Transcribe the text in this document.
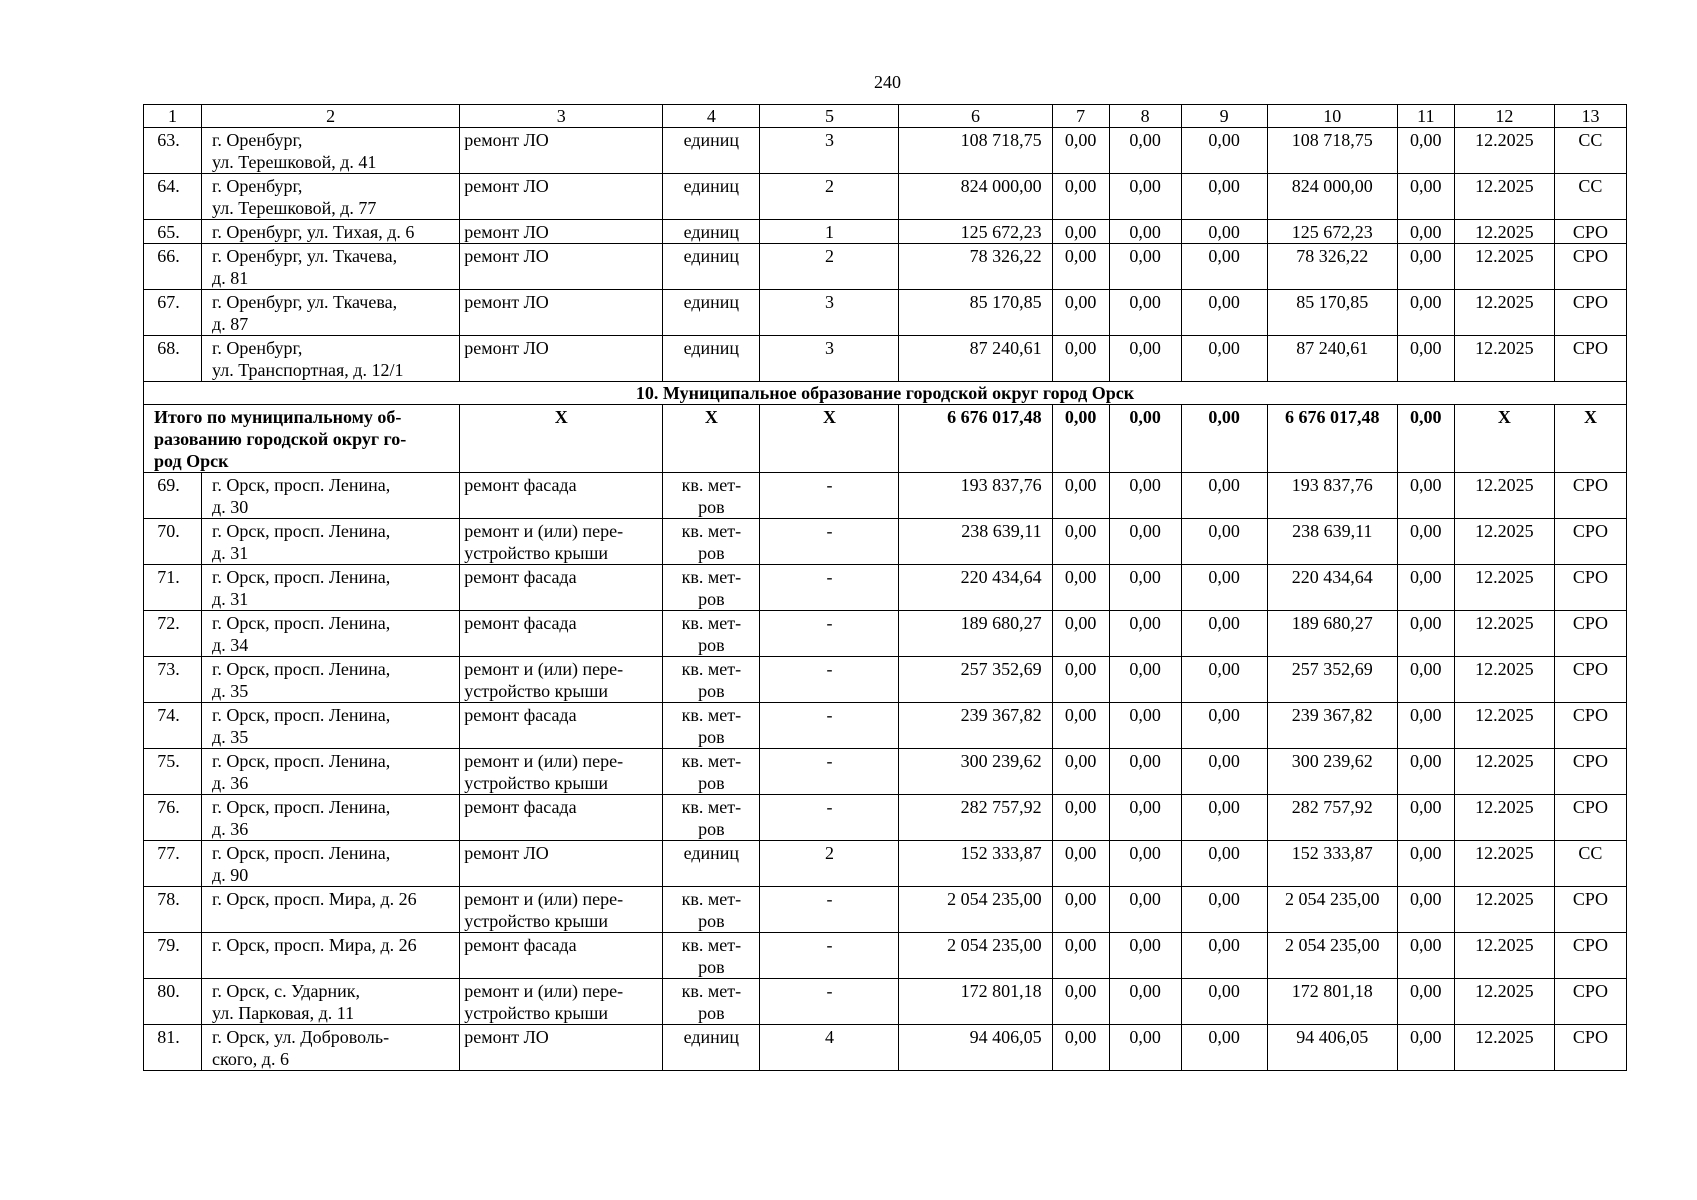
240
1	2	3	4	5	6	7	8	9	10	11	12	13
63.	г. Оренбург,
ул. Терешковой, д. 41	ремонт ЛО	единиц	3	108 718,75	0,00	0,00	0,00	108 718,75	0,00	12.2025	СС
64.	г. Оренбург,
ул. Терешковой, д. 77	ремонт ЛО	единиц	2	824 000,00	0,00	0,00	0,00	824 000,00	0,00	12.2025	СС
65.	г. Оренбург, ул. Тихая, д. 6	ремонт ЛО	единиц	1	125 672,23	0,00	0,00	0,00	125 672,23	0,00	12.2025	СРО
66.	г. Оренбург, ул. Ткачева,
д. 81	ремонт ЛО	единиц	2	78 326,22	0,00	0,00	0,00	78 326,22	0,00	12.2025	СРО
67.	г. Оренбург, ул. Ткачева,
д. 87	ремонт ЛО	единиц	3	85 170,85	0,00	0,00	0,00	85 170,85	0,00	12.2025	СРО
68.	г. Оренбург,
ул. Транспортная, д. 12/1	ремонт ЛО	единиц	3	87 240,61	0,00	0,00	0,00	87 240,61	0,00	12.2025	СРО
10. Муниципальное образование городской округ город Орск												

Итого по муниципальному об-
разованию городской округ го-
род Орск		Х	Х	Х	6 676 017,48	0,00	0,00	0,00	6 676 017,48	0,00	Х	Х
69.	г. Орск, просп. Ленина,
д. 30	ремонт фасада	кв. мет-
ров	-	193 837,76	0,00	0,00	0,00	193 837,76	0,00	12.2025	СРО
70.	г. Орск, просп. Ленина,
д. 31	ремонт и (или) пере-
устройство крыши	кв. мет-
ров	-	238 639,11	0,00	0,00	0,00	238 639,11	0,00	12.2025	СРО
71.	г. Орск, просп. Ленина,
д. 31	ремонт фасада	кв. мет-
ров	-	220 434,64	0,00	0,00	0,00	220 434,64	0,00	12.2025	СРО
72.	г. Орск, просп. Ленина,
д. 34	ремонт фасада	кв. мет-
ров	-	189 680,27	0,00	0,00	0,00	189 680,27	0,00	12.2025	СРО
73.	г. Орск, просп. Ленина,
д. 35	ремонт и (или) пере-
устройство крыши	кв. мет-
ров	-	257 352,69	0,00	0,00	0,00	257 352,69	0,00	12.2025	СРО
74.	г. Орск, просп. Ленина,
д. 35	ремонт фасада	кв. мет-
ров	-	239 367,82	0,00	0,00	0,00	239 367,82	0,00	12.2025	СРО
75.	г. Орск, просп. Ленина,
д. 36	ремонт и (или) пере-
устройство крыши	кв. мет-
ров	-	300 239,62	0,00	0,00	0,00	300 239,62	0,00	12.2025	СРО
76.	г. Орск, просп. Ленина,
д. 36	ремонт фасада	кв. мет-
ров	-	282 757,92	0,00	0,00	0,00	282 757,92	0,00	12.2025	СРО
77.	г. Орск, просп. Ленина,
д. 90	ремонт ЛО	единиц	2	152 333,87	0,00	0,00	0,00	152 333,87	0,00	12.2025	СС
78.	г. Орск, просп. Мира, д. 26	ремонт и (или) пере-
устройство крыши	кв. мет-
ров	-	2 054 235,00	0,00	0,00	0,00	2 054 235,00	0,00	12.2025	СРО
79.	г. Орск, просп. Мира, д. 26	ремонт фасада	кв. мет-
ров	-	2 054 235,00	0,00	0,00	0,00	2 054 235,00	0,00	12.2025	СРО
80.	г. Орск, с. Ударник,
ул. Парковая, д. 11	ремонт и (или) пере-
устройство крыши	кв. мет-
ров	-	172 801,18	0,00	0,00	0,00	172 801,18	0,00	12.2025	СРО
81.	г. Орск, ул. Доброволь-
ского, д. 6	ремонт ЛО	единиц	4	94 406,05	0,00	0,00	0,00	94 406,05	0,00	12.2025	СРО
